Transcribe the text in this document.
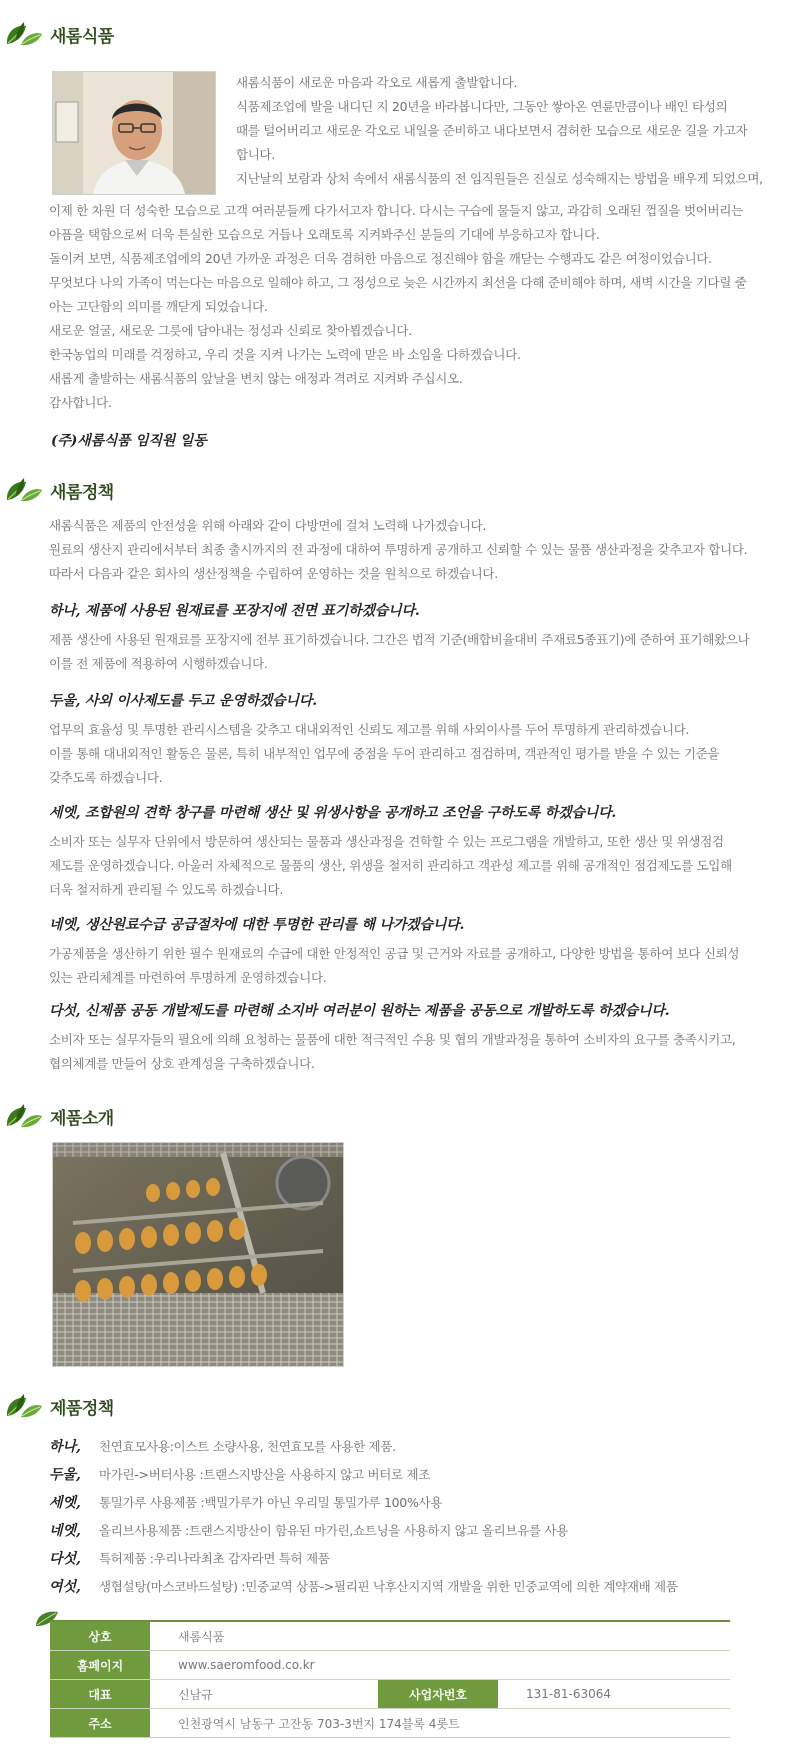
새롬식품

새롬식품이 새로운 마음과 각오로 새롭게 출발합니다.

식품제조업에 발을 내디딘 지 20년을 바라봅니다만, 그동안 쌓아온 연륜만큼이나 배인 타성의

때를 털어버리고 새로운 각오로 내일을 준비하고 내다보면서 겸허한 모습으로 새로운 길을 가고자

합니다.

지난날의 보람과 상처 속에서 새롬식품의 전 임직원들은 진실로 성숙해지는 방법을 배우게 되었으며,

이제 한 차원 더 성숙한 모습으로 고객 여러분들께 다가서고자 합니다. 다시는 구습에 물들지 않고, 과감히 오래된 껍질을 벗어버리는

아픔을 택함으로써 더욱 튼실한 모습으로 거듭나 오래토록 지켜봐주신 분들의 기대에 부응하고자 합니다.

돌이켜 보면, 식품제조업에의 20년 가까운 과정은 더욱 겸허한 마음으로 정진해야 함을 깨닫는 수행과도 같은 여정이었습니다.

무엇보다 나의 가족이 먹는다는 마음으로 일해야 하고, 그 정성으로 늦은 시간까지 최선을 다해 준비해야 하며, 새벽 시간을 기다릴 줄

아는 고단함의 의미를 깨닫게 되었습니다.

새로운 얼굴, 새로운 그릇에 담아내는 정성과 신뢰로 찾아뵙겠습니다.

한국농업의 미래를 걱정하고, 우리 것을 지켜 나가는 노력에 맏은 바 소임을 다하겠습니다.

새롭게 출발하는 새롬식품의 앞날을 변치 않는 애정과 격려로 지켜봐 주십시오.

감사합니다.

(주)새롬식품 임직원 일동
새롬정책

새롬식품은 제품의 안전성을 위해 아래와 같이 다방면에 걸쳐 노력해 나가겠습니다.

원료의 생산지 관리에서부터 최종 출시까지의 전 과정에 대하여 투명하게 공개하고 신뢰할 수 있는 물품 생산과정을 갖추고자 합니다.

따라서 다음과 같은 회사의 생산정책을 수립하여 운영하는 것을 원칙으로 하겠습니다.

하나, 제품에 사용된 원재료를 포장지에 전면 표기하겠습니다.

제품 생산에 사용된 원재료를 포장지에 전부 표기하겠습니다. 그간은 법적 기준(배합비율대비 주재료5종표기)에 준하여 표기해왔으나

이를 전 제품에 적용하여 시행하겠습니다.

두울, 사외 이사제도를 두고 운영하겠습니다.

업무의 효율성 및 투명한 관리시스템을 갖추고 대내외적인 신뢰도 제고를 위해 사외이사를 두어 투명하게 관리하겠습니다.

이를 통해 대내외적인 활동은 물론, 특히 내부적인 업무에 중점을 두어 관리하고 점검하며, 객관적인 평가를 받을 수 있는 기준을

갖추도록 하겠습니다.

세엣, 조합원의 견학 창구를 마련해 생산 및 위생사항을 공개하고 조언을 구하도록 하겠습니다.

소비자 또는 실무자 단위에서 방문하여 생산되는 물품과 생산과정을 견학할 수 있는 프로그램을 개발하고, 또한 생산 및 위생점검

제도를 운영하겠습니다. 아울러 자체적으로 물품의 생산, 위생을 철저히 관리하고 객관성 제고를 위해 공개적인 점검제도를 도입해

더욱 철저하게 관리될 수 있도록 하겠습니다.

네엣, 생산원료수급 공급절차에 대한 투명한 관리를 해 나가겠습니다.

가공제품을 생산하기 위한 필수 원재료의 수급에 대한 안정적인 공급 및 근거와 자료를 공개하고, 다양한 방법을 통하여 보다 신뢰성

있는 관리체계를 마련하여 투명하게 운영하겠습니다.

다섯, 신제품 공동 개발제도를 마련해 소지바 여러분이 원하는 제품을 공동으로 개발하도록 하겠습니다.

소비자 또는 실무자들의 필요에 의해 요청하는 물품에 대한 적극적인 수용 및 협의 개발과정을 통하여 소비자의 요구를 충족시키고,

협의체계를 만들어 상호 관계성을 구축하겠습니다.

제품소개
제품정책
하나,	천연효모사용:이스트 소량사용, 천연효모를 사용한 제품.
두울,	마가린->버터사용 :트랜스지방산을 사용하지 않고 버터로 제조
세엣,	통밀가루 사용제품 :백밀가루가 아닌 우리밀 통밀가루 100%사용
네엣,	올리브사용제품 :트랜스지방산이 함유된 마가린,쇼트닝을 사용하지 않고 올리브유를 사용
다섯,	특허제품 :우리나라최초 감자라면 특허 제품
여섯,	생협설탕(마스코바드설탕) :민중교역 상품->필리핀 낙후산지지역 개발을 위한 민중교역에 의한 계약재배 제품
상호	새롬식품		
홈페이지	www.saeromfood.co.kr		
대표	신남규	사업자번호	131-81-63064
주소	인천광역시 남동구 고잔동 703-3번지 174블록 4롯트		
